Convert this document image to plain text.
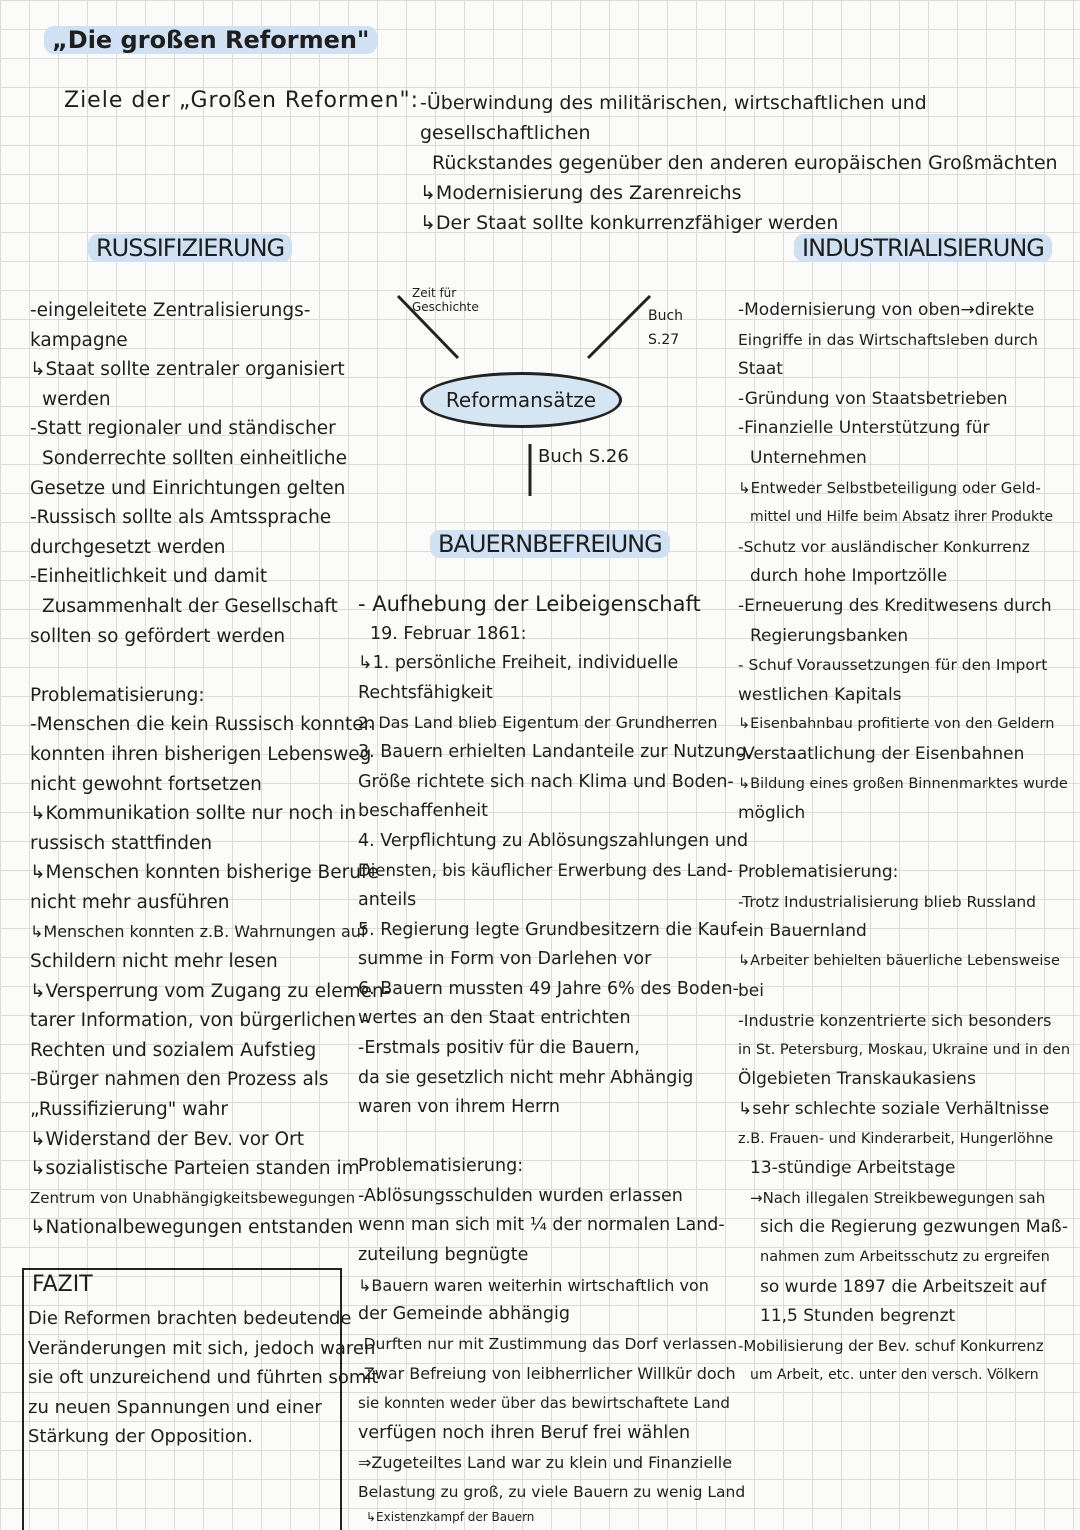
„Die großen Reformen"
Ziele der „Großen Reformen": -Überwindung des militärischen, wirtschaftlichen und gesellschaftlichen
Rückstandes gegenüber den anderen europäischen Großmächten
↳Modernisierung des Zarenreichs
↳Der Staat sollte konkurrenzfähiger werden
Zeit für
Geschichte
Buch
S.27
Reformansätze
Buch S.26
RUSSIFIZIERUNG
-eingeleitete Zentralisierungs-
kampagne
↳Staat sollte zentraler organisiert
werden
-Statt regionaler und ständischer
Sonderrechte sollten einheitliche
Gesetze und Einrichtungen gelten
-Russisch sollte als Amtssprache
durchgesetzt werden
-Einheitlichkeit und damit
Zusammenhalt der Gesellschaft
sollten so gefördert werden

Problematisierung:
-Menschen die kein Russisch konnten
konnten ihren bisherigen Lebensweg
nicht gewohnt fortsetzen
↳Kommunikation sollte nur noch in
russisch stattfinden
↳Menschen konnten bisherige Berufe
nicht mehr ausführen
↳Menschen konnten z.B. Wahrnungen auf
Schildern nicht mehr lesen
↳Versperrung vom Zugang zu elemen-
tarer Information, von bürgerlichen -
Rechten und sozialem Aufstieg
-Bürger nahmen den Prozess als
„Russifizierung" wahr
↳Widerstand der Bev. vor Ort
↳sozialistische Parteien standen im
Zentrum von Unabhängigkeitsbewegungen
↳Nationalbewegungen entstanden
BAUERNBEFREIUNG
- Aufhebung der Leibeigenschaft
19. Februar 1861:
↳1. persönliche Freiheit, individuelle
Rechtsfähigkeit
2. Das Land blieb Eigentum der Grundherren
3. Bauern erhielten Landanteile zur Nutzung,
Größe richtete sich nach Klima und Boden-
beschaffenheit
4. Verpflichtung zu Ablösungszahlungen und
Diensten, bis käuflicher Erwerbung des Land-
anteils
5. Regierung legte Grundbesitzern die Kauf-
summe in Form von Darlehen vor
6. Bauern mussten 49 Jahre 6% des Boden-
wertes an den Staat entrichten
-Erstmals positiv für die Bauern,
da sie gesetzlich nicht mehr Abhängig
waren von ihrem Herrn

Problematisierung:
-Ablösungsschulden wurden erlassen
wenn man sich mit ¼ der normalen Land-
zuteilung begnügte
↳Bauern waren weiterhin wirtschaftlich von
der Gemeinde abhängig
-Durften nur mit Zustimmung das Dorf verlassen
-Zwar Befreiung von leibherrlicher Willkür doch
sie konnten weder über das bewirtschaftete Land
verfügen noch ihren Beruf frei wählen
⇒Zugeteiltes Land war zu klein und Finanzielle
Belastung zu groß, zu viele Bauern zu wenig Land
↳Existenzkampf der Bauern
INDUSTRIALISIERUNG
-Modernisierung von oben→direkte
Eingriffe in das Wirtschaftsleben durch
Staat
-Gründung von Staatsbetrieben
-Finanzielle Unterstützung für
Unternehmen
↳Entweder Selbstbeteiligung oder Geld-
mittel und Hilfe beim Absatz ihrer Produkte
-Schutz vor ausländischer Konkurrenz
durch hohe Importzölle
-Erneuerung des Kreditwesens durch
Regierungsbanken
- Schuf Voraussetzungen für den Import
westlichen Kapitals
↳Eisenbahnbau profitierte von den Geldern
-Verstaatlichung der Eisenbahnen
↳Bildung eines großen Binnenmarktes wurde
möglich

Problematisierung:
-Trotz Industrialisierung blieb Russland
ein Bauernland
↳Arbeiter behielten bäuerliche Lebensweise
bei
-Industrie konzentrierte sich besonders
in St. Petersburg, Moskau, Ukraine und in den
Ölgebieten Transkaukasiens
↳sehr schlechte soziale Verhältnisse
z.B. Frauen- und Kinderarbeit, Hungerlöhne
13-stündige Arbeitstage
→Nach illegalen Streikbewegungen sah
sich die Regierung gezwungen Maß-
nahmen zum Arbeitsschutz zu ergreifen
so wurde 1897 die Arbeitszeit auf
11,5 Stunden begrenzt
-Mobilisierung der Bev. schuf Konkurrenz
um Arbeit, etc. unter den versch. Völkern
FAZIT
Die Reformen brachten bedeutende
Veränderungen mit sich, jedoch waren
sie oft unzureichend und führten somit
zu neuen Spannungen und einer
Stärkung der Opposition.
